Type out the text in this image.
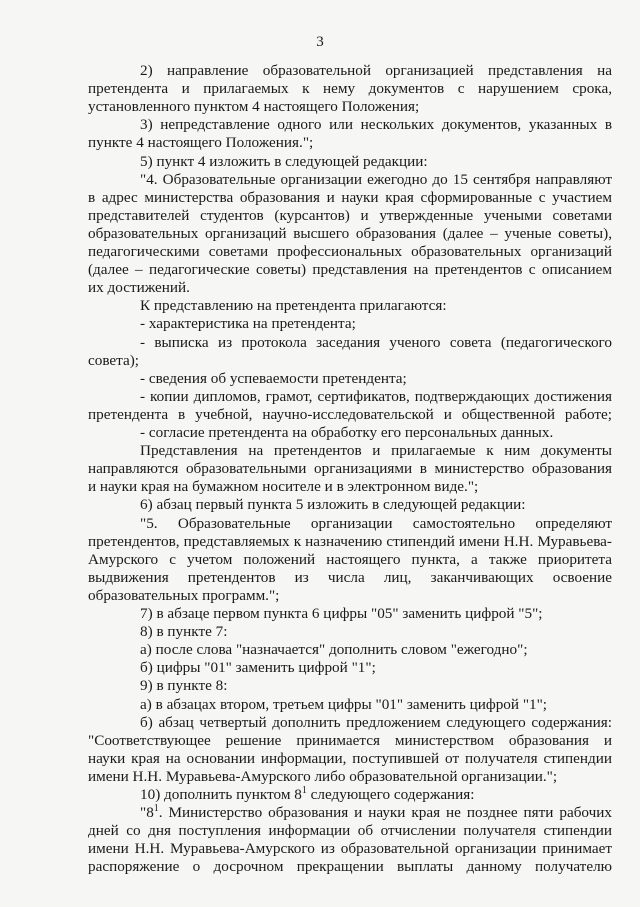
3
2) направление образовательной организацией представления на
претендента и прилагаемых к нему документов с нарушением срока,
установленного пунктом 4 настоящего Положения;
3) непредставление одного или нескольких документов, указанных в
пункте 4 настоящего Положения.";
5) пункт 4 изложить в следующей редакции:
"4. Образовательные организации ежегодно до 15 сентября направляют
в адрес министерства образования и науки края сформированные с участием
представителей студентов (курсантов) и утвержденные учеными советами
образовательных организаций высшего образования (далее – ученые советы),
педагогическими советами профессиональных образовательных организаций
(далее – педагогические советы) представления на претендентов с описанием
их достижений.
К представлению на претендента прилагаются:
- характеристика на претендента;
- выписка из протокола заседания ученого совета (педагогического
совета);
- сведения об успеваемости претендента;
- копии дипломов, грамот, сертификатов, подтверждающих достижения
претендента в учебной, научно-исследовательской и общественной работе;
- согласие претендента на обработку его персональных данных.
Представления на претендентов и прилагаемые к ним документы
направляются образовательными организациями в министерство образования
и науки края на бумажном носителе и в электронном виде.";
6) абзац первый пункта 5 изложить в следующей редакции:
"5. Образовательные организации самостоятельно определяют
претендентов, представляемых к назначению стипендий имени Н.Н. Муравьева-
Амурского с учетом положений настоящего пункта, а также приоритета
выдвижения претендентов из числа лиц, заканчивающих освоение
образовательных программ.";
7) в абзаце первом пункта 6 цифры "05" заменить цифрой "5";
8) в пункте 7:
а) после слова "назначается" дополнить словом "ежегодно";
б) цифры "01" заменить цифрой "1";
9) в пункте 8:
а) в абзацах втором, третьем цифры "01" заменить цифрой "1";
б) абзац четвертый дополнить предложением следующего содержания:
"Соответствующее решение принимается министерством образования и
науки края на основании информации, поступившей от получателя стипендии
имени Н.Н. Муравьева-Амурского либо образовательной организации.";
10) дополнить пунктом $8^1$ следующего содержания:
"$8^1$. Министерство образования и науки края не позднее пяти рабочих
дней со дня поступления информации об отчислении получателя стипендии
имени Н.Н. Муравьева-Амурского из образовательной организации принимает
распоряжение о досрочном прекращении выплаты данному получателю
